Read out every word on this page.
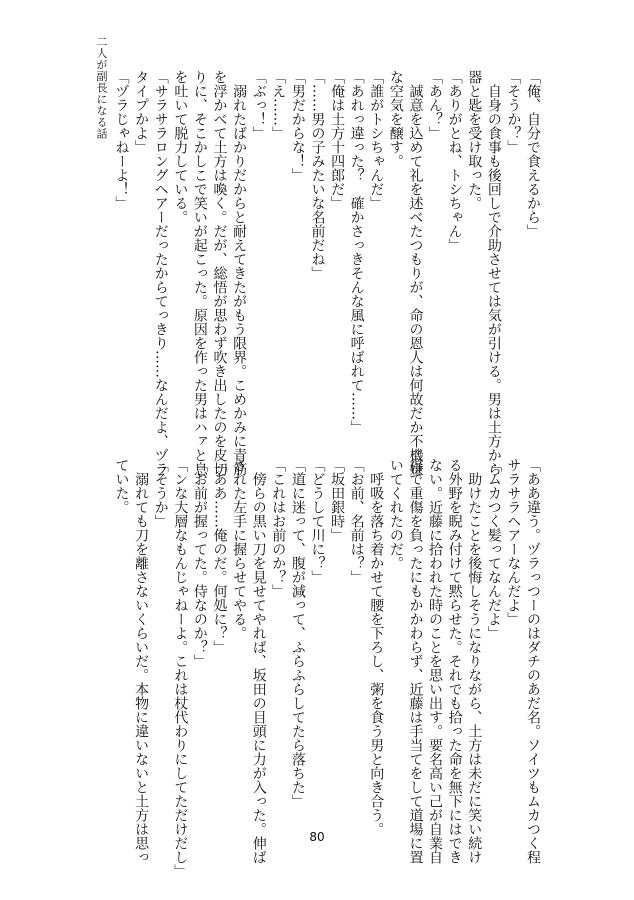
二人が副長になる話	「俺、自分で食えるから」
「そうか？」
　自身の食事も後回しで介助させては気が引ける。男は土方から
器と匙を受け取った。
「ありがとね、トシちゃん」
「あん？」
　誠意を込めて礼を述べたつもりが、命の恩人は何故だか不機嫌
な空気を醸す。
「誰がトシちゃんだ」
「あれっ違った？　確かさっきそんな風に呼ばれて……」
「俺は土方十四郎だ」
「……男の子みたいな名前だね」
「男だからな！」
「え……」
「ぶっ！」
　溺れたばかりだからと耐えてきたがもう限界。こめかみに青筋
を浮かべて土方は喚く。だが、総悟が思わず吹き出したのを皮切
りに、そこかしこで笑いが起こった。原因を作った男はハァと息
を吐いて脱力している。
「サラサラロングヘアーだったからてっきり……なんだよ、ヅラ
タイプかよ」
「ヅラじゃねーよ！」
「ああ違う。ヅラっつーのはダチのあだ名。ソイツもムカつく程
サラサラヘアーなんだよ」
「ムカつく髪ってなんだよ」
　助けたことを後悔しそうになりながら、土方は未だに笑い続け
る外野を睨み付けて黙らせた。それでも拾った命を無下にはでき
ない。近藤に拾われた時のことを思い出す。要名高い己が自業自
得で重傷を負ったにもかかわらず、近藤は手当てをして道場に置
いてくれたのだ。
　呼吸を落ち着かせて腰を下ろし、粥を食う男と向き合う。
「お前、名前は？」
「坂田銀時」
「どうして川に？」
「道に迷って、腹が減って、ふらふらしてたら落ちた」
「これはお前のか？」
　傍らの黒い刀を見せてやれば、坂田の目頭に力が入った。伸ば
された左手に握らせてやる。
「ああ……俺のだ。何処に？」
「お前が握ってた。侍なのか？」
「ンな大層なもんじゃねーよ。これは杖代わりにしてただけだし」
「そうか」
　溺れても刀を離さないくらいだ。本物に違いないと土方は思っ
ていた。
80
